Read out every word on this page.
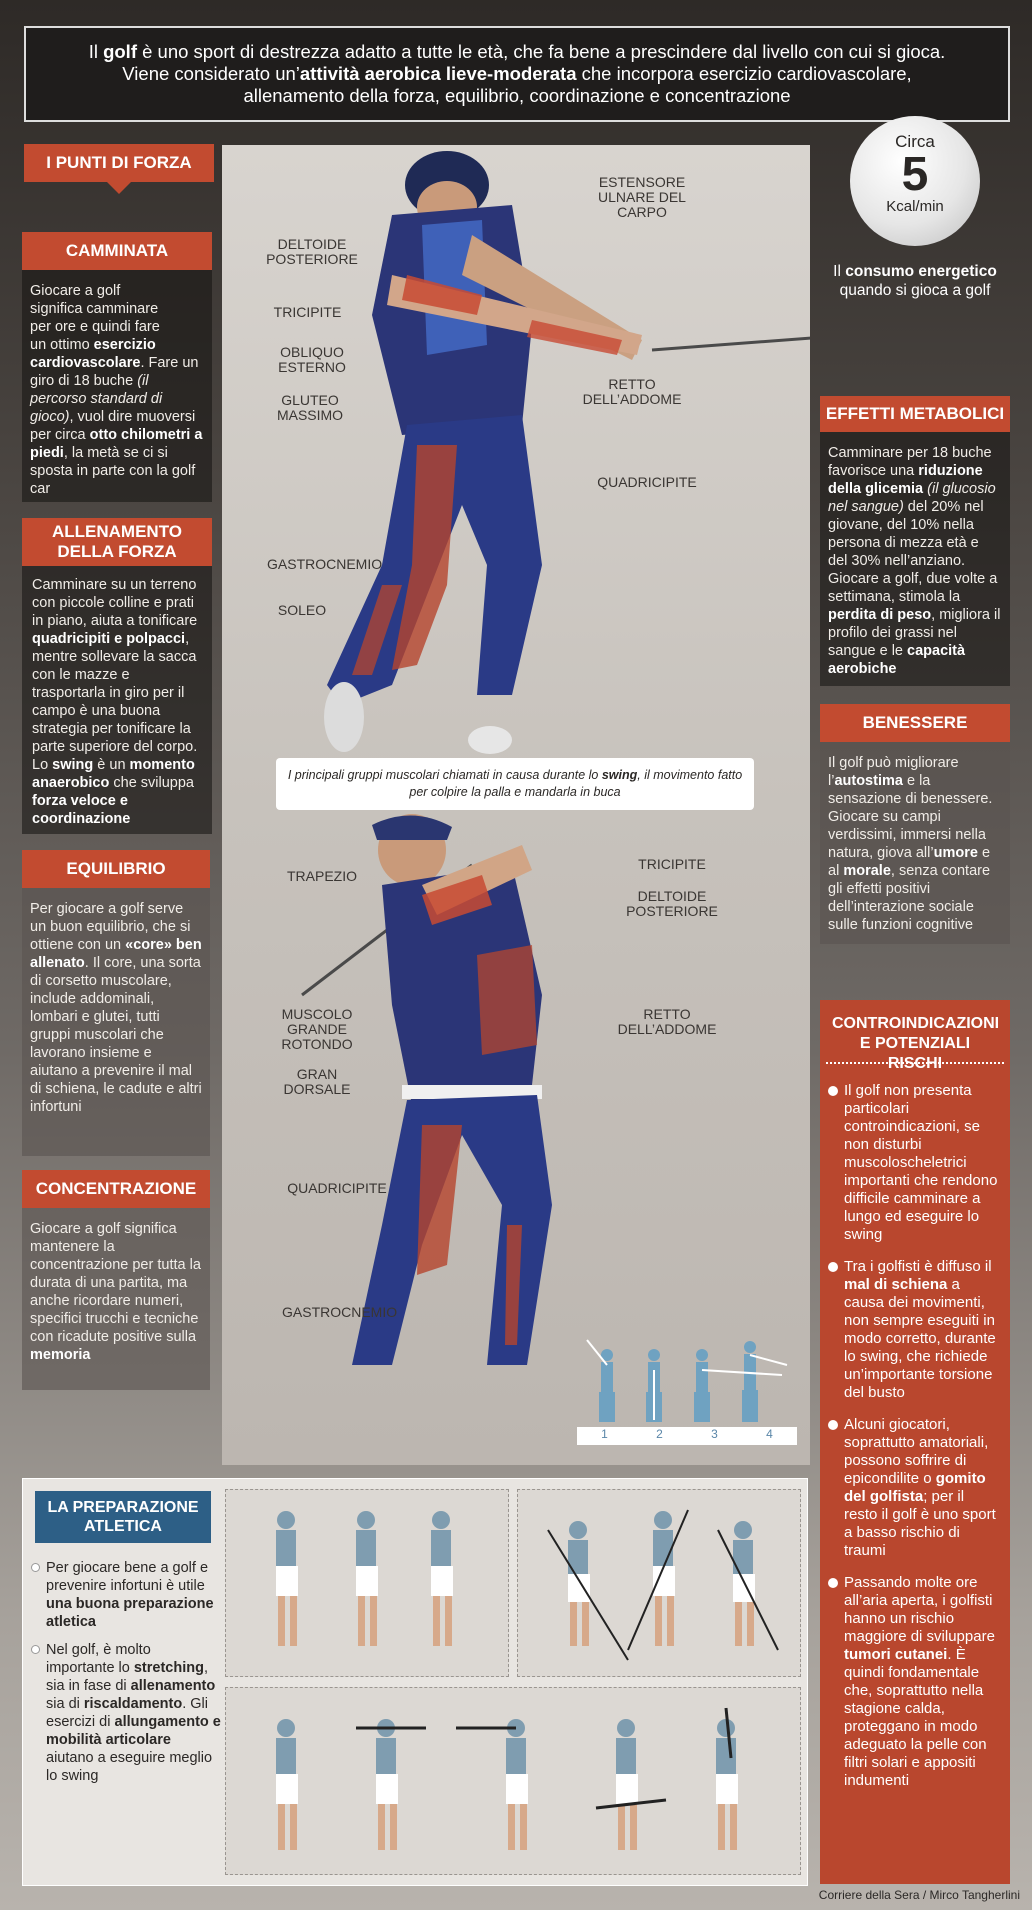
Il golf è uno sport di destrezza adatto a tutte le età, che fa bene a prescindere dal livello con cui si gioca.
Viene considerato un’attività aerobica lieve-moderata che incorpora esercizio cardiovascolare,
allenamento della forza, equilibrio, coordinazione e concentrazione
ESTENSORE ULNARE DEL CARPO
DELTOIDE POSTERIORE
TRICIPITE
OBLIQUO ESTERNO
RETTO DELL’ADDOME
GLUTEO MASSIMO
QUADRICIPITE
GASTROCNEMIO
SOLEO
TRAPEZIO
TRICIPITE
DELTOIDE POSTERIORE
MUSCOLO GRANDE ROTONDO
RETTO DELL’ADDOME
GRAN DORSALE
QUADRICIPITE
GASTROCNEMIO
1	2	3	4
I principali gruppi muscolari chiamati in causa durante lo swing, il movimento fatto per colpire la palla e mandarla in buca
I PUNTI DI FORZA
CAMMINATA
Giocare a golf
significa camminare
per ore e quindi fare
un ottimo esercizio cardiovascolare. Fare un giro di 18 buche (il percorso standard di gioco), vuol dire muoversi per circa otto chilometri a piedi, la metà se ci si sposta in parte con la golf car
ALLENAMENTO DELLA FORZA
Camminare su un terreno con piccole colline e prati in piano, aiuta a tonificare quadricipiti e polpacci, mentre sollevare la sacca con le mazze e trasportarla in giro per il campo è una buona strategia per tonificare la parte superiore del corpo. Lo swing è un momento anaerobico che sviluppa forza veloce e coordinazione
EQUILIBRIO
Per giocare a golf serve un buon equilibrio, che si ottiene con un «core» ben allenato. Il core, una sorta di corsetto muscolare, include addominali, lombari e glutei, tutti gruppi muscolari che lavorano insieme e aiutano a prevenire il mal di schiena, le cadute e altri infortuni
CONCENTRAZIONE
Giocare a golf significa mantenere la concentrazione per tutta la durata di una partita, ma anche ricordare numeri, specifici trucchi e tecniche con ricadute positive sulla memoria
Circa
5
Kcal/min
Il consumo energetico quando si gioca a golf
EFFETTI METABOLICI
Camminare per 18 buche favorisce una riduzione della glicemia (il glucosio nel sangue) del 20% nel giovane, del 10% nella persona di mezza età e del 30% nell’anziano. Giocare a golf, due volte a settimana, stimola la perdita di peso, migliora il profilo dei grassi nel sangue e le capacità aerobiche
BENESSERE
Il golf può migliorare l’autostima e la sensazione di benessere. Giocare su campi verdissimi, immersi nella natura, giova all’umore e al morale, senza contare gli effetti positivi dell’interazione sociale sulle funzioni cognitive
CONTROINDICAZIONI E POTENZIALI RISCHI
Il golf non presenta particolari controindicazioni, se non disturbi muscoloscheletrici importanti che rendono difficile camminare a lungo ed eseguire lo swing
Tra i golfisti è diffuso il mal di schiena a causa dei movimenti, non sempre eseguiti in modo corretto, durante lo swing, che richiede un’importante torsione del busto
Alcuni giocatori, soprattutto amatoriali, possono soffrire di epicondilite o gomito del golfista; per il resto il golf è uno sport a basso rischio di traumi
Passando molte ore all’aria aperta, i golfisti hanno un rischio maggiore di sviluppare tumori cutanei. È quindi fondamentale che, soprattutto nella stagione calda, proteggano in modo adeguato la pelle con filtri solari e appositi indumenti
LA PREPARAZIONE ATLETICA
Per giocare bene a golf e prevenire infortuni è utile una buona preparazione atletica
Nel golf, è molto importante lo stretching, sia in fase di allenamento sia di riscaldamento. Gli esercizi di allungamento e mobilità articolare aiutano a eseguire meglio lo swing
Corriere della Sera / Mirco Tangherlini
